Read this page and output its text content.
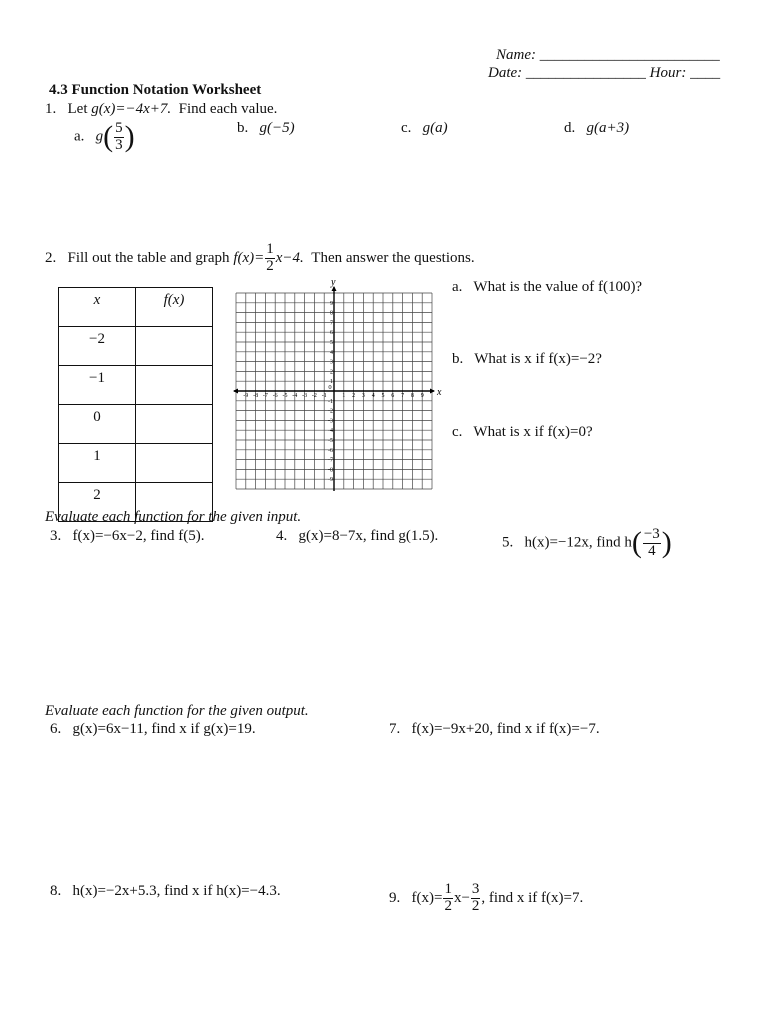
Name: ________________________
Date: ________________ Hour: ____
4.3 Function Notation Worksheet
1. Let g(x)=−4x+7. Find each value.
a. $g( \frac{5}{3}$ )	b. g(−5)	c. g(a)	d. g(a+3)
2. Fill out the table and graph $f(x)= \frac{1}{2} x-4$. Then answer the questions.
x	f(x)
−2	
−1	
0	
1	
2	
x
y
0
-9 -8 -7 -6 -5 -4 -3 -2 -1	1 2 3 4 5 6 7 8 9
9
8
7
6
5
4
3
2
1
-1
-2
-3
-4
-5
-6
-7
-8
-9
a. What is the value of f(100)?
b. What is x if f(x)=−2?
c. What is x if f(x)=0?
Evaluate each function for the given input.
3. f(x)=−6x−2, find f(5).	4. g(x)=8−7x, find g(1.5).	5. h(x)=−12x, find $h( \frac{-3}{4}$ )
Evaluate each function for the given output.
6. g(x)=6x−11, find x if g(x)=19.	7. f(x)=−9x+20, find x if f(x)=−7.
8. h(x)=−2x+5.3, find x if h(x)=−4.3.	9. $f(x)= \frac{1}{2} x- \frac{3}{2}$ , find x if f(x)=7.
